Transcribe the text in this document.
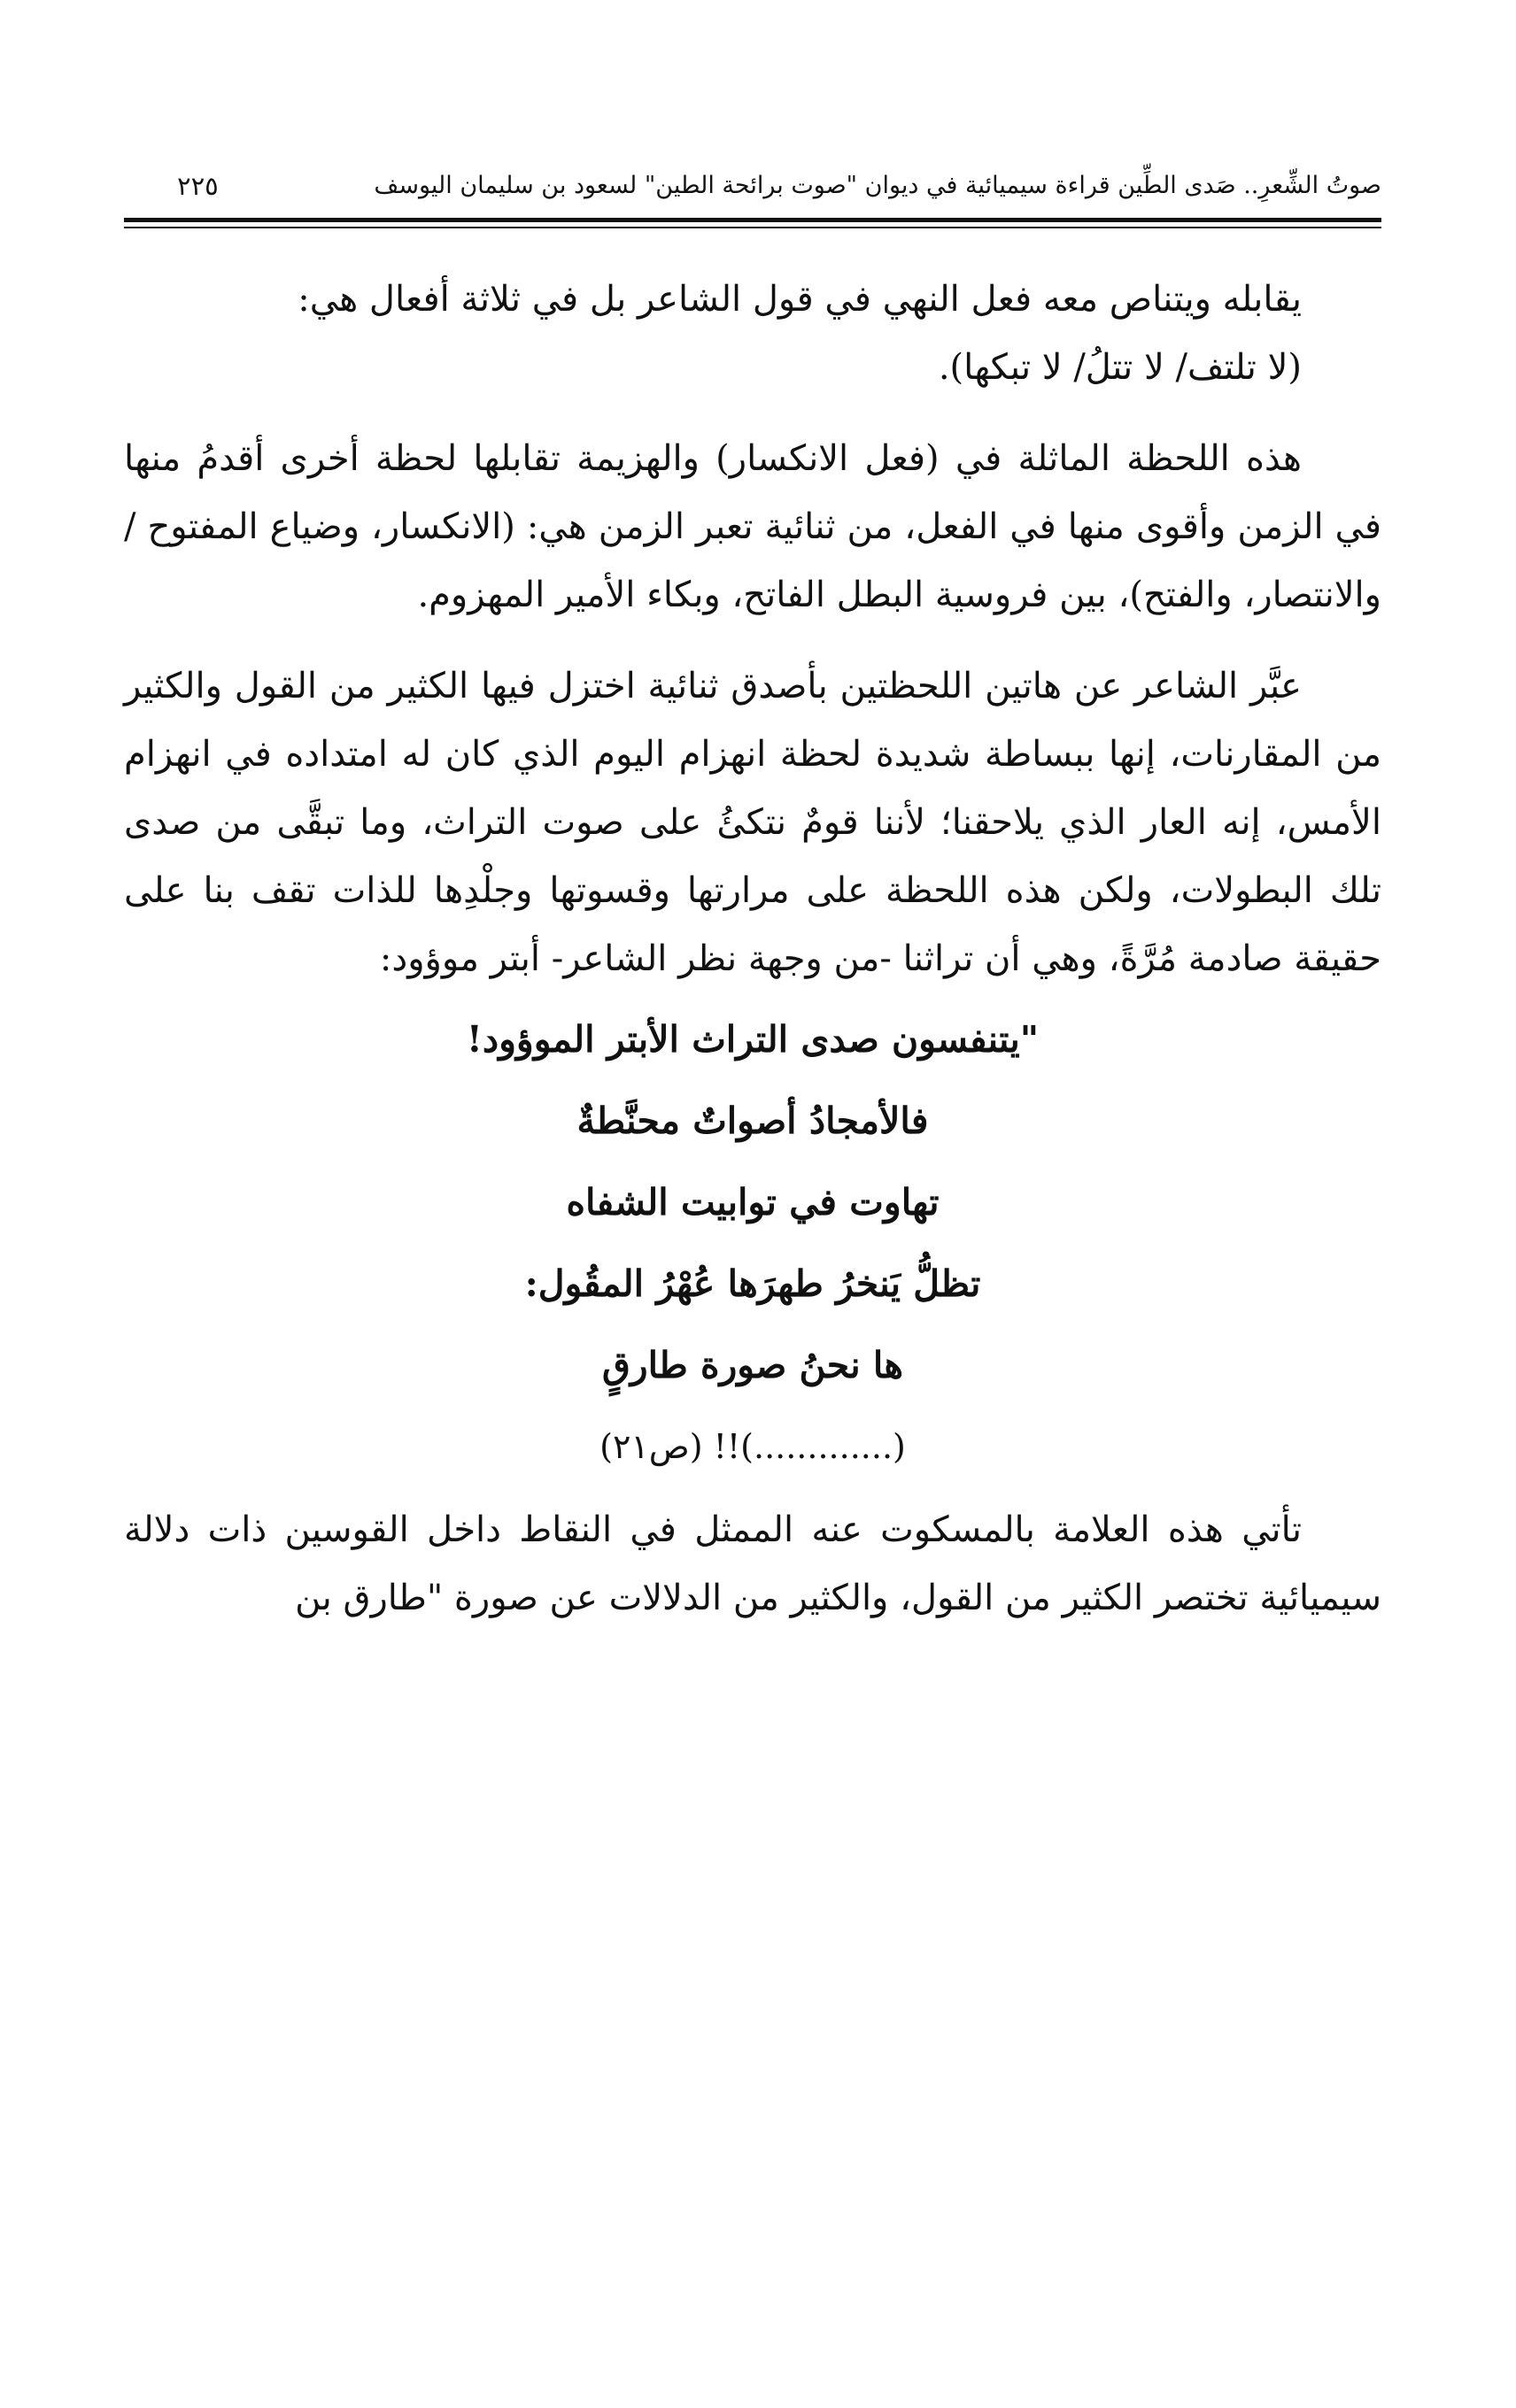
صوتُ الشِّعرِ.. صَدى الطِّين قراءة سيميائية في ديوان "صوت برائحة الطين" لسعود بن سليمان اليوسف
٢٢٥

يقابله ويتناص معه فعل النهي في قول الشاعر بل في ثلاثة أفعال هي:

(لا تلتف/ لا تتلُ/ لا تبكها).

هذه اللحظة الماثلة في (فعل الانكسار) والهزيمة تقابلها لحظة أخرى أقدمُ منها في الزمن وأقوى منها في الفعل، من ثنائية تعبر الزمن هي: (الانكسار، وضياع المفتوح / والانتصار، والفتح)، بين فروسية البطل الفاتح، وبكاء الأمير المهزوم.

عبَّر الشاعر عن هاتين اللحظتين بأصدق ثنائية اختزل فيها الكثير من القول والكثير من المقارنات، إنها ببساطة شديدة لحظة انهزام اليوم الذي كان له امتداده في انهزام الأمس، إنه العار الذي يلاحقنا؛ لأننا قومٌ نتكئُ على صوت التراث، وما تبقَّى من صدى تلك البطولات، ولكن هذه اللحظة على مرارتها وقسوتها وجلْدِها للذات تقف بنا على حقيقة صادمة مُرَّةً، وهي أن تراثنا -من وجهة نظر الشاعر- أبتر موؤود:

"يتنفسون صدى التراث الأبتر الموؤود!
فالأمجادُ أصواتٌ محنَّطةٌ
تهاوت في توابيت الشفاه
تظلُّ يَنخرُ طهرَها عُهْرُ المقُول:
ها نحنُ صورة طارقٍ
(.............)!! (ص٢١)

تأتي هذه العلامة بالمسكوت عنه الممثل في النقاط داخل القوسين ذات دلالة سيميائية تختصر الكثير من القول، والكثير من الدلالات عن صورة "طارق بن
